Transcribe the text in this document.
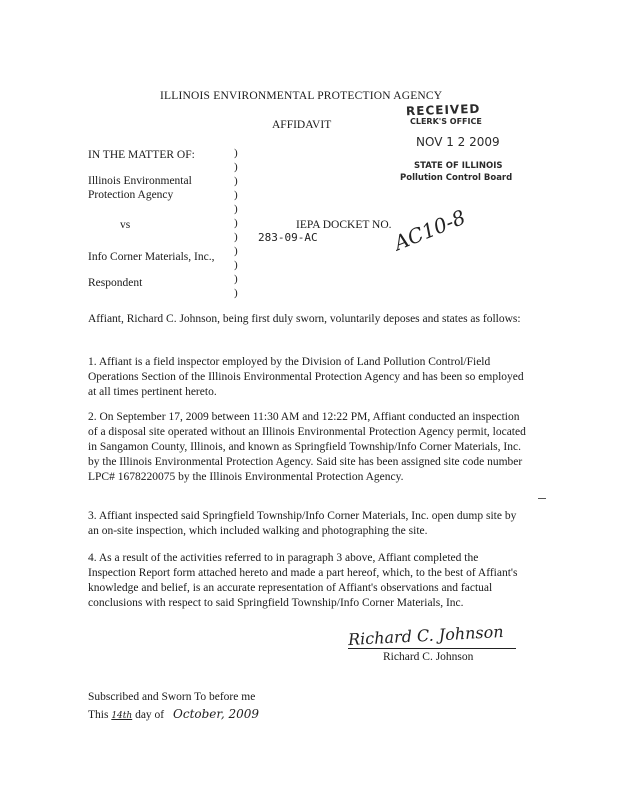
ILLINOIS ENVIRONMENTAL PROTECTION AGENCY
AFFIDAVIT
RECEIVED
CLERK'S OFFICE
NOV 1 2 2009
STATE OF ILLINOIS
Pollution Control Board
IN THE MATTER OF:
Illinois Environmental
Protection Agency
vs
Info Corner Materials, Inc.,
Respondent
)
)
)
)
)
)
)
)
)
)
)
IEPA DOCKET NO.
283-09-AC	AC10-8
Affiant, Richard C. Johnson, being first duly sworn, voluntarily deposes and states as follows:
1. Affiant is a field inspector employed by the Division of Land Pollution Control/Field Operations Section of the Illinois Environmental Protection Agency and has been so employed at all times pertinent hereto.
2. On September 17, 2009 between 11:30 AM and 12:22 PM, Affiant conducted an inspection of a disposal site operated without an Illinois Environmental Protection Agency permit, located in Sangamon County, Illinois, and known as Springfield Township/Info Corner Materials, Inc. by the Illinois Environmental Protection Agency. Said site has been assigned site code number LPC# 1678220075 by the Illinois Environmental Protection Agency.
3. Affiant inspected said Springfield Township/Info Corner Materials, Inc. open dump site by an on-site inspection, which included walking and photographing the site.
4. As a result of the activities referred to in paragraph 3 above, Affiant completed the Inspection Report form attached hereto and made a part hereof, which, to the best of Affiant's knowledge and belief, is an accurate representation of Affiant's observations and factual conclusions with respect to said Springfield Township/Info Corner Materials, Inc.
Richard C. Johnson
Richard C. Johnson
Subscribed and Sworn To before me
This 14th day of October, 2009
